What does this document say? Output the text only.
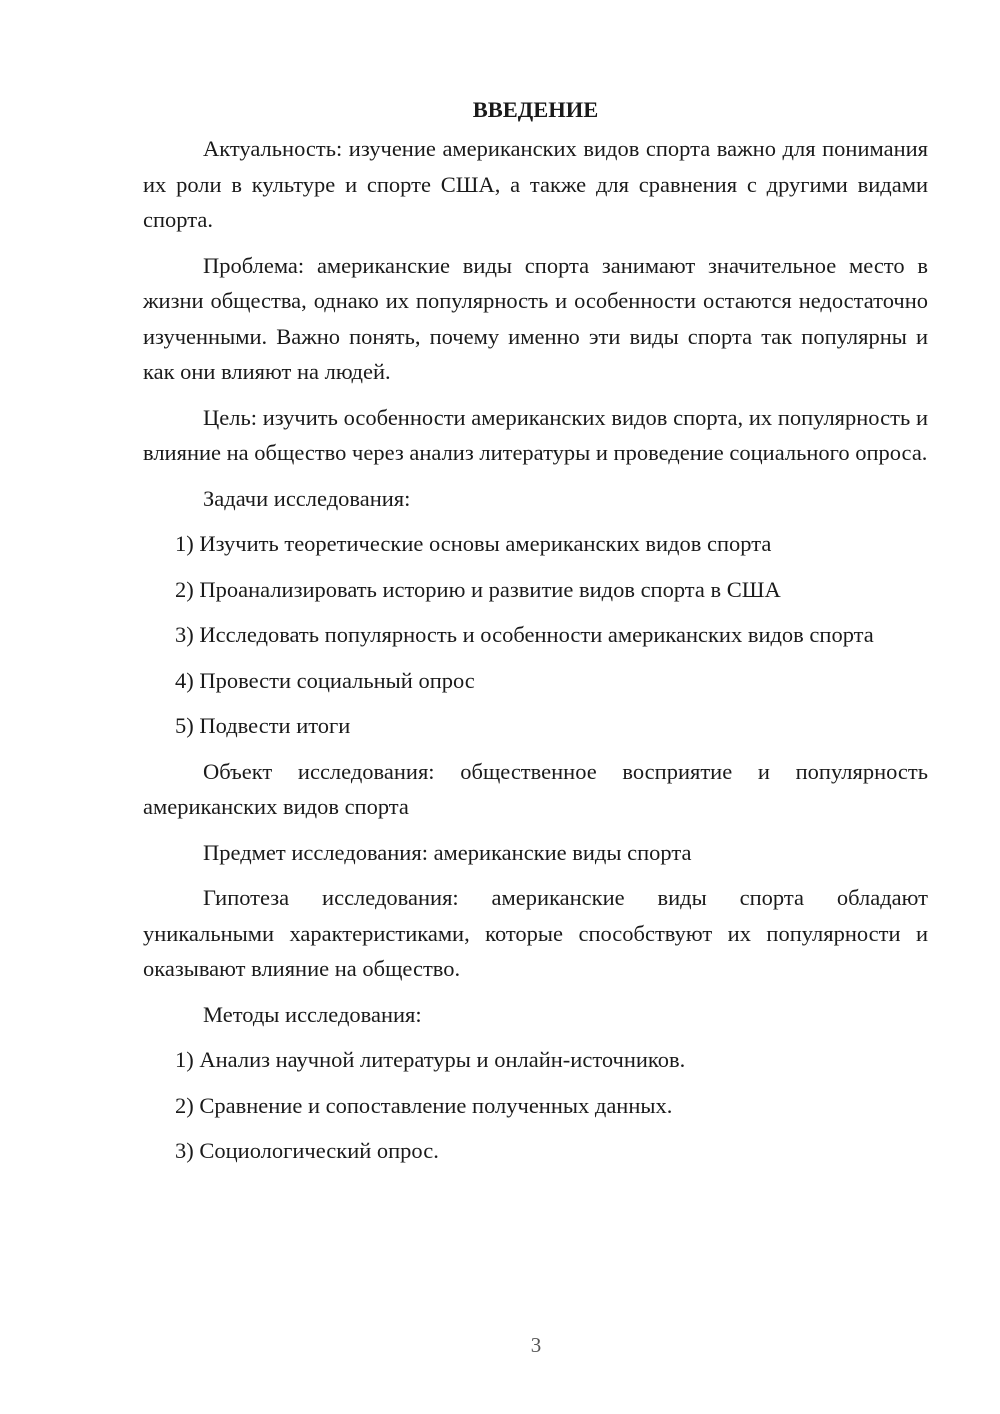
ВВЕДЕНИЕ

Актуальность: изучение американских видов спорта важно для понимания их роли в культуре и спорте США, а также для сравнения с другими видами спорта.

Проблема: американские виды спорта занимают значительное место в жизни общества, однако их популярность и особенности остаются недостаточно изученными. Важно понять, почему именно эти виды спорта так популярны и как они влияют на людей.

Цель: изучить особенности американских видов спорта, их популярность и влияние на общество через анализ литературы и проведение социального опроса.

Задачи исследования:

1) Изучить теоретические основы американских видов спорта

2) Проанализировать историю и развитие видов спорта в США

3) Исследовать популярность и особенности американских видов спорта

4) Провести социальный опрос

5) Подвести итоги

Объект исследования: общественное восприятие и популярность американских видов спорта

Предмет исследования: американские виды спорта

Гипотеза исследования: американские виды спорта обладают уникальными характеристиками, которые способствуют их популярности и оказывают влияние на общество.

Методы исследования:

1) Анализ научной литературы и онлайн-источников.

2) Сравнение и сопоставление полученных данных.

3) Социологический опрос.

3
